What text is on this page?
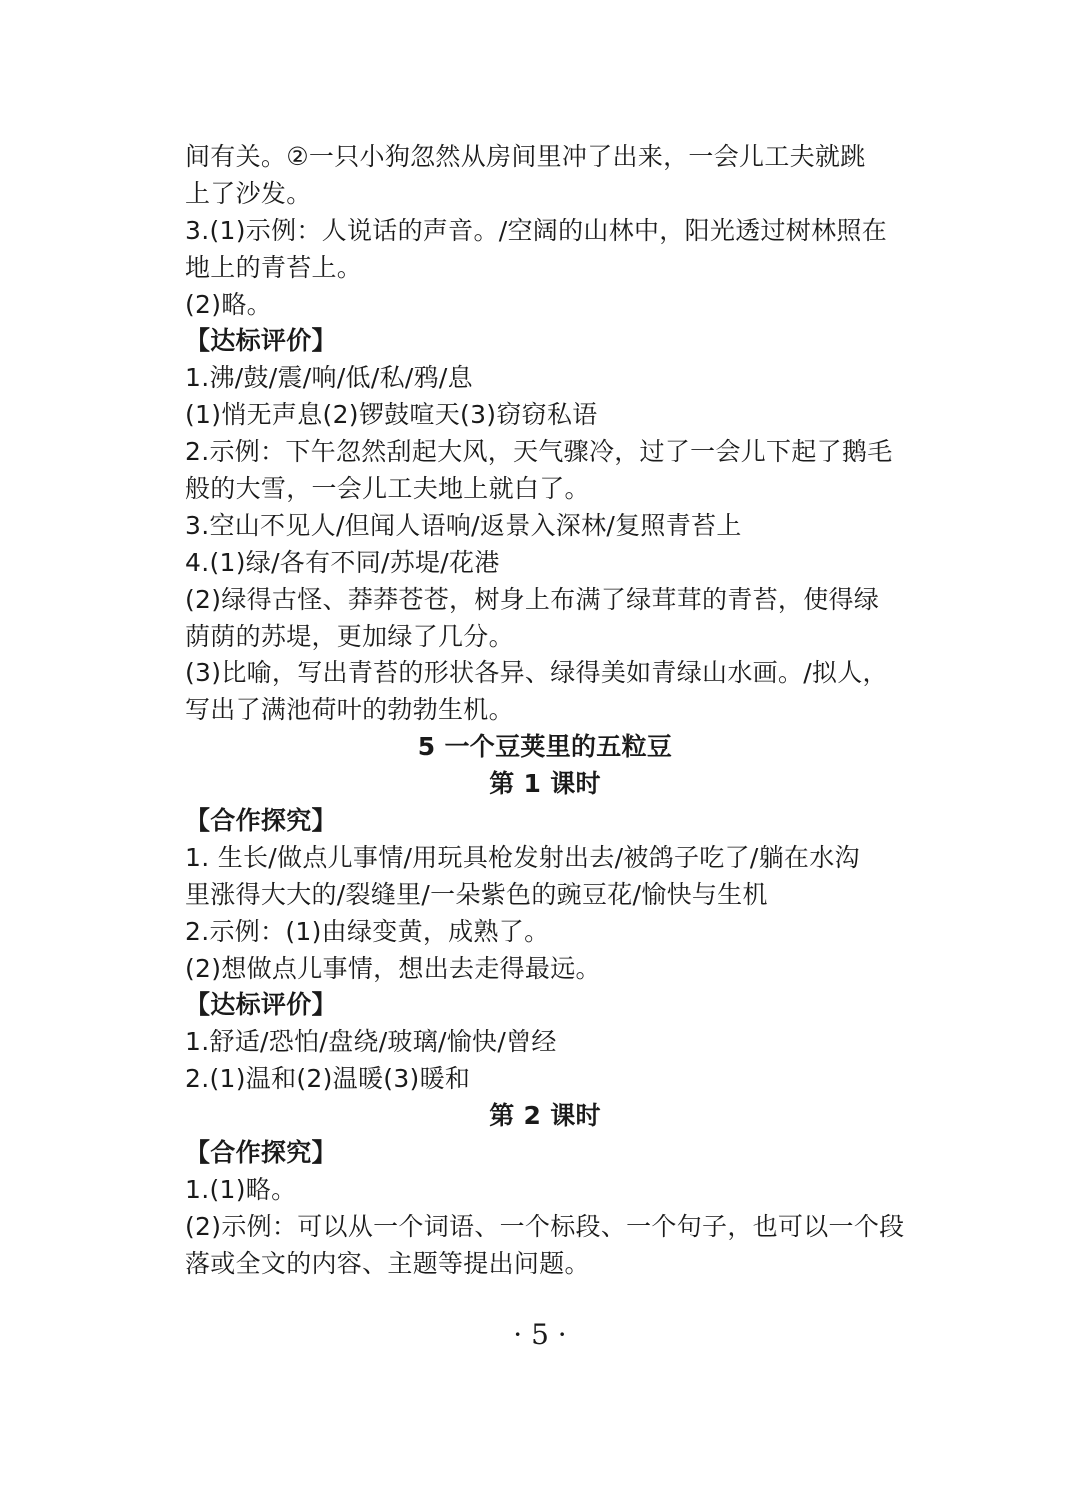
间有关。②一只小狗忽然从房间里冲了出来，一会儿工夫就跳
上了沙发。
3.(1)示例：人说话的声音。/空阔的山林中，阳光透过树林照在
地上的青苔上。
(2)略。
【达标评价】
1.沸/鼓/震/响/低/私/鸦/息
(1)悄无声息(2)锣鼓喧天(3)窃窃私语
2.示例：下午忽然刮起大风，天气骤冷，过了一会儿下起了鹅毛
般的大雪，一会儿工夫地上就白了。
3.空山不见人/但闻人语响/返景入深林/复照青苔上
4.(1)绿/各有不同/苏堤/花港
(2)绿得古怪、莽莽苍苍，树身上布满了绿茸茸的青苔，使得绿
荫荫的苏堤，更加绿了几分。
(3)比喻，写出青苔的形状各异、绿得美如青绿山水画。/拟人，
写出了满池荷叶的勃勃生机。
5 一个豆荚里的五粒豆
第 1 课时
【合作探究】
1. 生长/做点儿事情/用玩具枪发射出去/被鸽子吃了/躺在水沟
里涨得大大的/裂缝里/一朵紫色的豌豆花/愉快与生机
2.示例：(1)由绿变黄，成熟了。
(2)想做点儿事情，想出去走得最远。
【达标评价】
1.舒适/恐怕/盘绕/玻璃/愉快/曾经
2.(1)温和(2)温暖(3)暖和
第 2 课时
【合作探究】
1.(1)略。
(2)示例：可以从一个词语、一个标段、一个句子，也可以一个段
落或全文的内容、主题等提出问题。
· 5 ·
